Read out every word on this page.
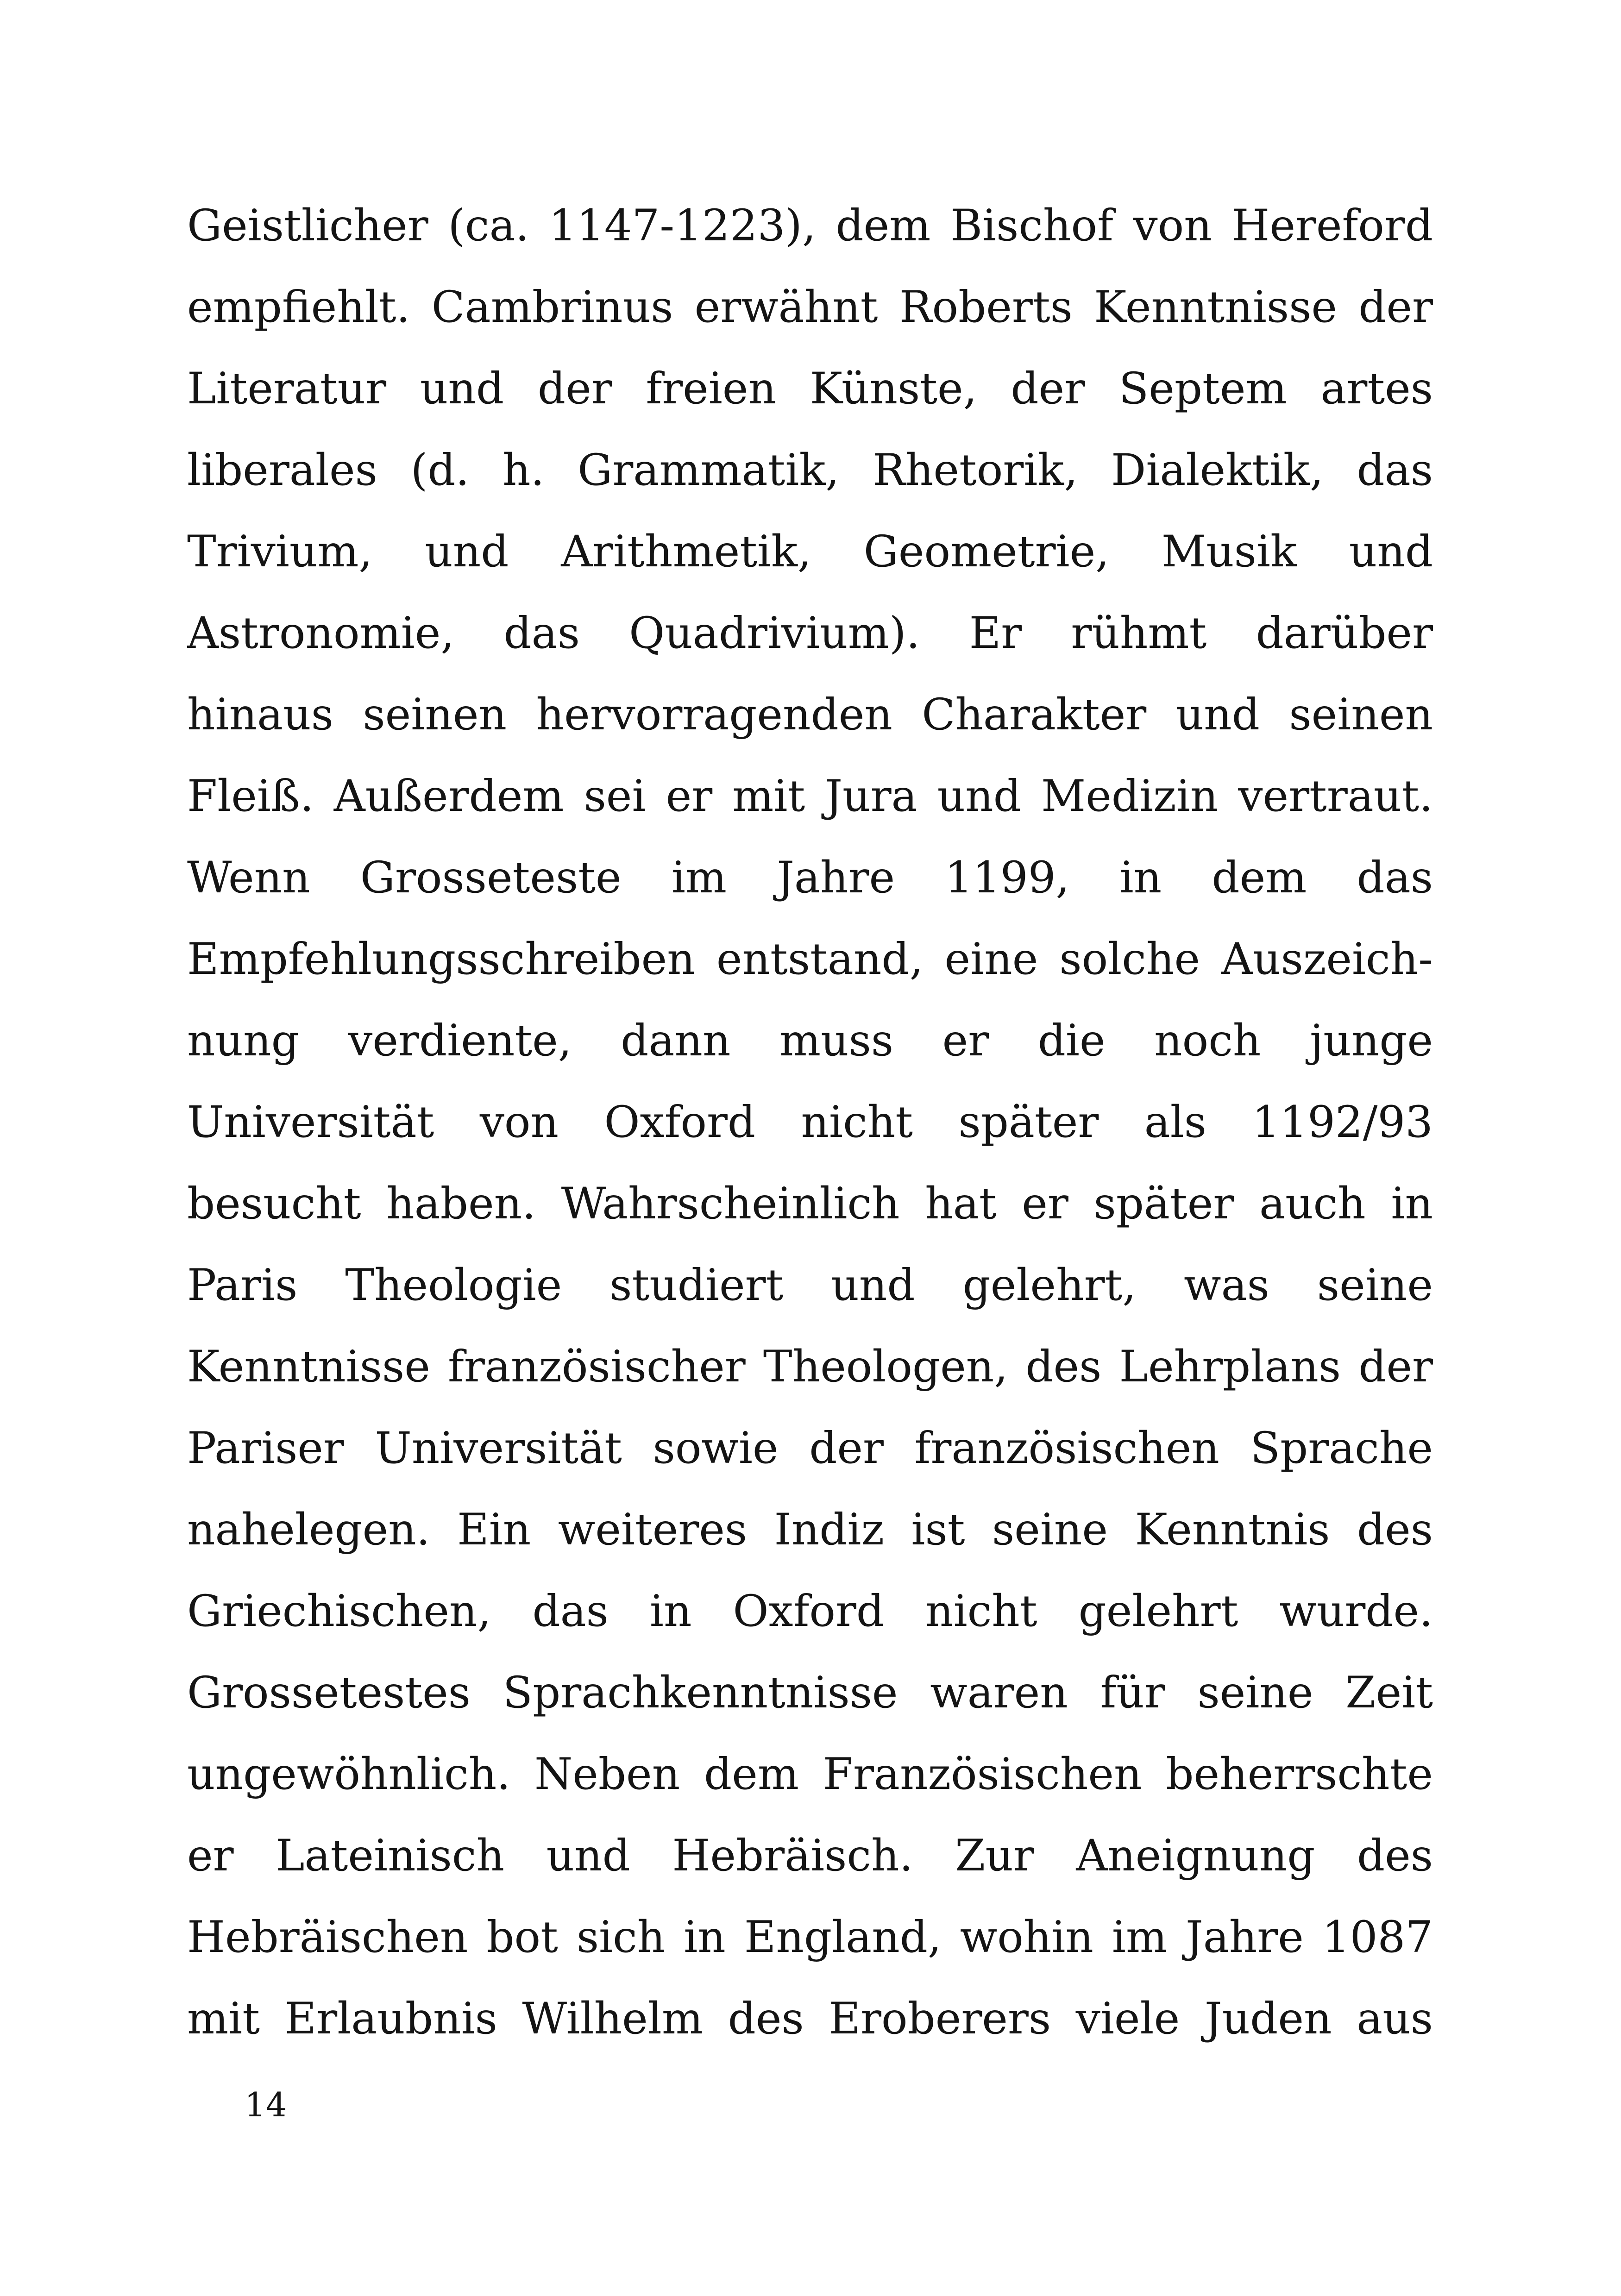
Geistlicher (ca. 1147-1223), dem Bischof von Hereford
empfiehlt. Cambrinus erwähnt Roberts Kenntnisse der
Literatur und der freien Künste, der Septem artes
liberales (d. h. Grammatik, Rhetorik, Dialektik, das
Trivium, und Arithmetik, Geometrie, Musik und
Astronomie, das Quadrivium). Er rühmt darüber
hinaus seinen hervorragenden Charakter und seinen
Fleiß. Außerdem sei er mit Jura und Medizin vertraut.
Wenn Grosseteste im Jahre 1199, in dem das
Empfehlungsschreiben entstand, eine solche Auszeich-
nung verdiente, dann muss er die noch junge
Universität von Oxford nicht später als 1192/93
besucht haben. Wahrscheinlich hat er später auch in
Paris Theologie studiert und gelehrt, was seine
Kenntnisse französischer Theologen, des Lehrplans der
Pariser Universität sowie der französischen Sprache
nahelegen. Ein weiteres Indiz ist seine Kenntnis des
Griechischen, das in Oxford nicht gelehrt wurde.
Grossetestes Sprachkenntnisse waren für seine Zeit
ungewöhnlich. Neben dem Französischen beherrschte
er Lateinisch und Hebräisch. Zur Aneignung des
Hebräischen bot sich in England, wohin im Jahre 1087
mit Erlaubnis Wilhelm des Eroberers viele Juden aus
14
